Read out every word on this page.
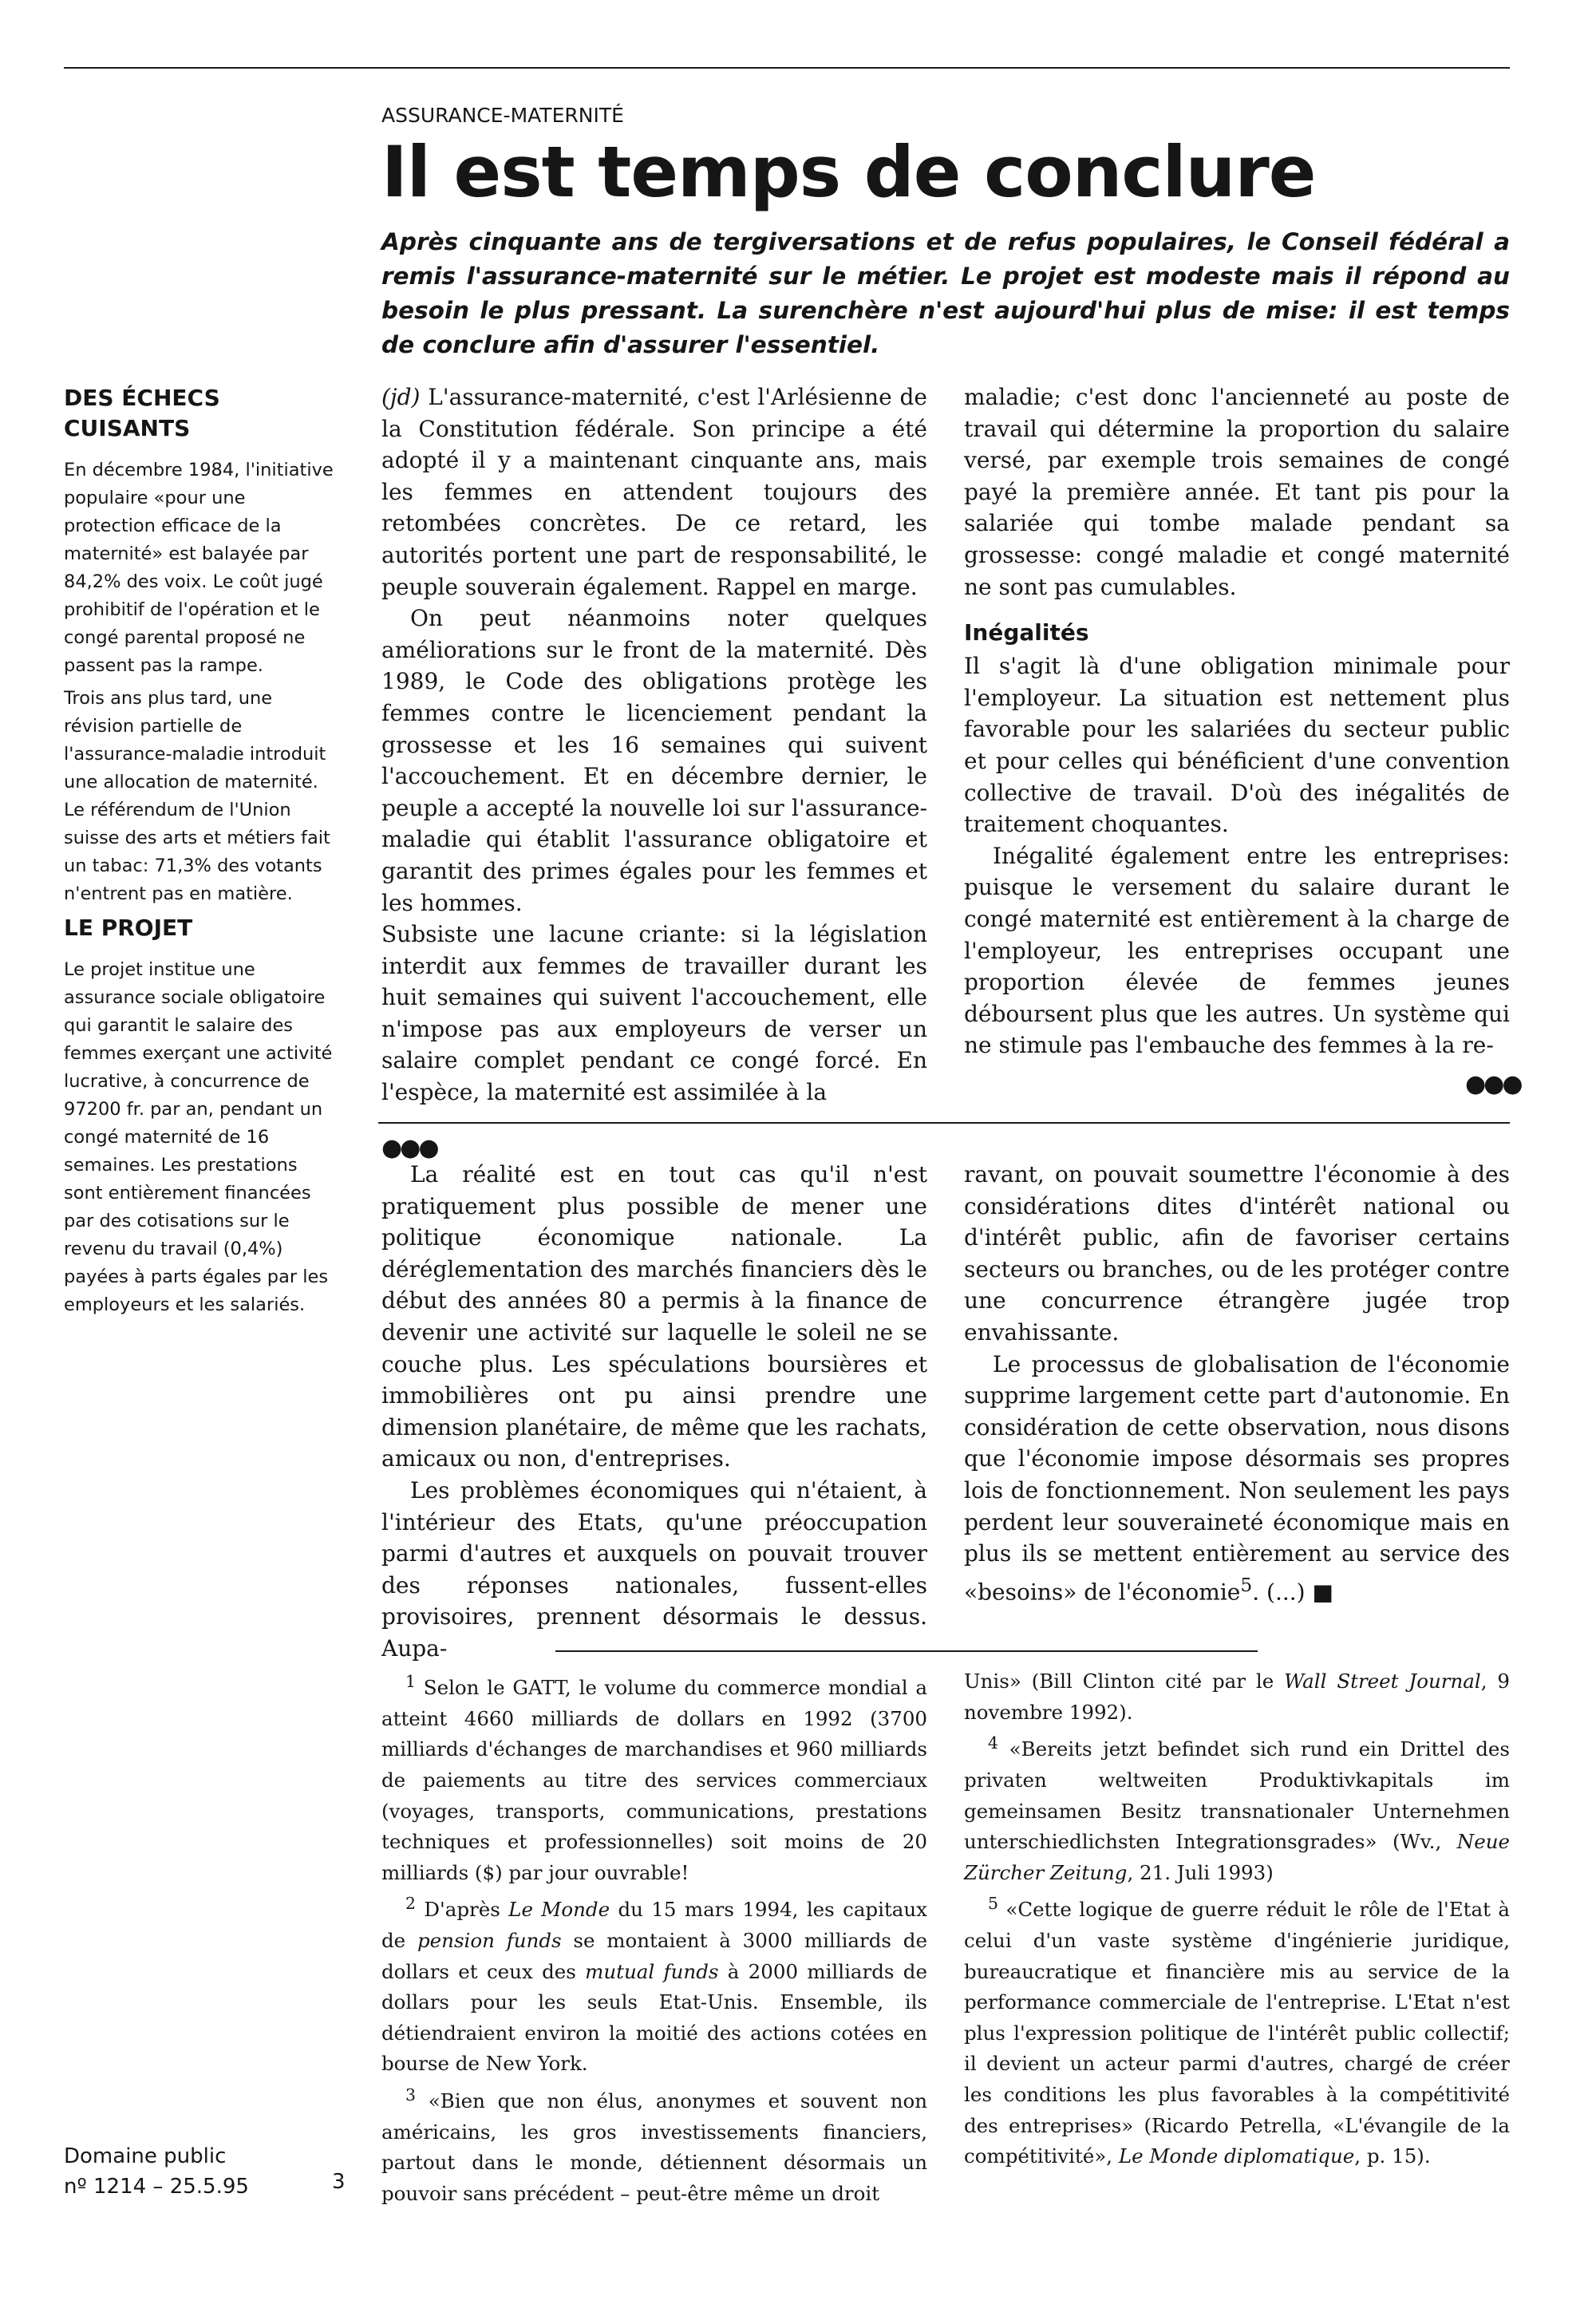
ASSURANCE-MATERNITÉ
Il est temps de conclure

Après cinquante ans de tergiversations et de refus populaires, le Conseil fédéral a remis l'assurance-maternité sur le métier. Le projet est modeste mais il répond au besoin le plus pressant. La surenchère n'est aujourd'hui plus de mise: il est temps de conclure afin d'assurer l'essentiel.

DES ÉCHECS CUISANTS

En décembre 1984, l'initiative populaire «pour une protection efficace de la maternité» est balayée par 84,2% des voix. Le coût jugé prohibitif de l'opération et le congé parental proposé ne passent pas la rampe.

Trois ans plus tard, une révision partielle de l'assurance-maladie introduit une allocation de maternité. Le référendum de l'Union suisse des arts et métiers fait un tabac: 71,3% des votants n'entrent pas en matière.

LE PROJET

Le projet institue une assurance sociale obligatoire qui garantit le salaire des femmes exerçant une activité lucrative, à concurrence de 97200 fr. par an, pendant un congé maternité de 16 semaines. Les prestations sont entièrement financées par des cotisations sur le revenu du travail (0,4%) payées à parts égales par les employeurs et les salariés.

(jd) L'assurance-maternité, c'est l'Arlésienne de la Constitution fédérale. Son principe a été adopté il y a maintenant cinquante ans, mais les femmes en attendent toujours des retombées concrètes. De ce retard, les autorités portent une part de responsabilité, le peuple souverain également. Rappel en marge.

On peut néanmoins noter quelques améliorations sur le front de la maternité. Dès 1989, le Code des obligations protège les femmes contre le licenciement pendant la grossesse et les 16 semaines qui suivent l'accouchement. Et en décembre dernier, le peuple a accepté la nouvelle loi sur l'assurance-maladie qui établit l'assurance obligatoire et garantit des primes égales pour les femmes et les hommes.

Subsiste une lacune criante: si la législation interdit aux femmes de travailler durant les huit semaines qui suivent l'accouchement, elle n'impose pas aux employeurs de verser un salaire complet pendant ce congé forcé. En l'espèce, la maternité est assimilée à la

maladie; c'est donc l'ancienneté au poste de travail qui détermine la proportion du salaire versé, par exemple trois semaines de congé payé la première année. Et tant pis pour la salariée qui tombe malade pendant sa grossesse: congé maladie et congé maternité ne sont pas cumulables.

Inégalités

Il s'agit là d'une obligation minimale pour l'employeur. La situation est nettement plus favorable pour les salariées du secteur public et pour celles qui bénéficient d'une convention collective de travail. D'où des inégalités de traitement choquantes.

Inégalité également entre les entreprises: puisque le versement du salaire durant le congé maternité est entièrement à la charge de l'employeur, les entreprises occupant une proportion élevée de femmes jeunes déboursent plus que les autres. Un système qui ne stimule pas l'embauche des femmes à la re-

●●●
●●●

La réalité est en tout cas qu'il n'est pratiquement plus possible de mener une politique économique nationale. La déréglementation des marchés financiers dès le début des années 80 a permis à la finance de devenir une activité sur laquelle le soleil ne se couche plus. Les spéculations boursières et immobilières ont pu ainsi prendre une dimension planétaire, de même que les rachats, amicaux ou non, d'entreprises.

Les problèmes économiques qui n'étaient, à l'intérieur des Etats, qu'une préoccupation parmi d'autres et auxquels on pouvait trouver des réponses nationales, fussent-elles provisoires, prennent désormais le dessus. Aupa-

ravant, on pouvait soumettre l'économie à des considérations dites d'intérêt national ou d'intérêt public, afin de favoriser certains secteurs ou branches, ou de les protéger contre une concurrence étrangère jugée trop envahissante.

Le processus de globalisation de l'économie supprime largement cette part d'autonomie. En considération de cette observation, nous disons que l'économie impose désormais ses propres lois de fonctionnement. Non seulement les pays perdent leur souveraineté économique mais en plus ils se mettent entièrement au service des «besoins» de l'économie$^5$. (...) ■

$^1$ Selon le GATT, le volume du commerce mondial a atteint 4660 milliards de dollars en 1992 (3700 milliards d'échanges de marchandises et 960 milliards de paiements au titre des services commerciaux (voyages, transports, communications, prestations techniques et professionnelles) soit moins de 20 milliards ($) par jour ouvrable!

$^2$ D'après Le Monde du 15 mars 1994, les capitaux de pension funds se montaient à 3000 milliards de dollars et ceux des mutual funds à 2000 milliards de dollars pour les seuls Etat-Unis. Ensemble, ils détiendraient environ la moitié des actions cotées en bourse de New York.

$^3$ «Bien que non élus, anonymes et souvent non américains, les gros investissements financiers, partout dans le monde, détiennent désormais un pouvoir sans précédent – peut-être même un droit

Unis» (Bill Clinton cité par le Wall Street Journal, 9 novembre 1992).

$^4$ «Bereits jetzt befindet sich rund ein Drittel des privaten weltweiten Produktivkapitals im gemeinsamen Besitz transnationaler Unternehmen unterschiedlichsten Integrationsgrades» (Wv., Neue Zürcher Zeitung, 21. Juli 1993)

$^5$ «Cette logique de guerre réduit le rôle de l'Etat à celui d'un vaste système d'ingénierie juridique, bureaucratique et financière mis au service de la performance commerciale de l'entreprise. L'Etat n'est plus l'expression politique de l'intérêt public collectif; il devient un acteur parmi d'autres, chargé de créer les conditions les plus favorables à la compétitivité des entreprises» (Ricardo Petrella, «L'évangile de la compétitivité», Le Monde diplomatique, p. 15).

Domaine public
nº 1214 – 25.5.95	3
